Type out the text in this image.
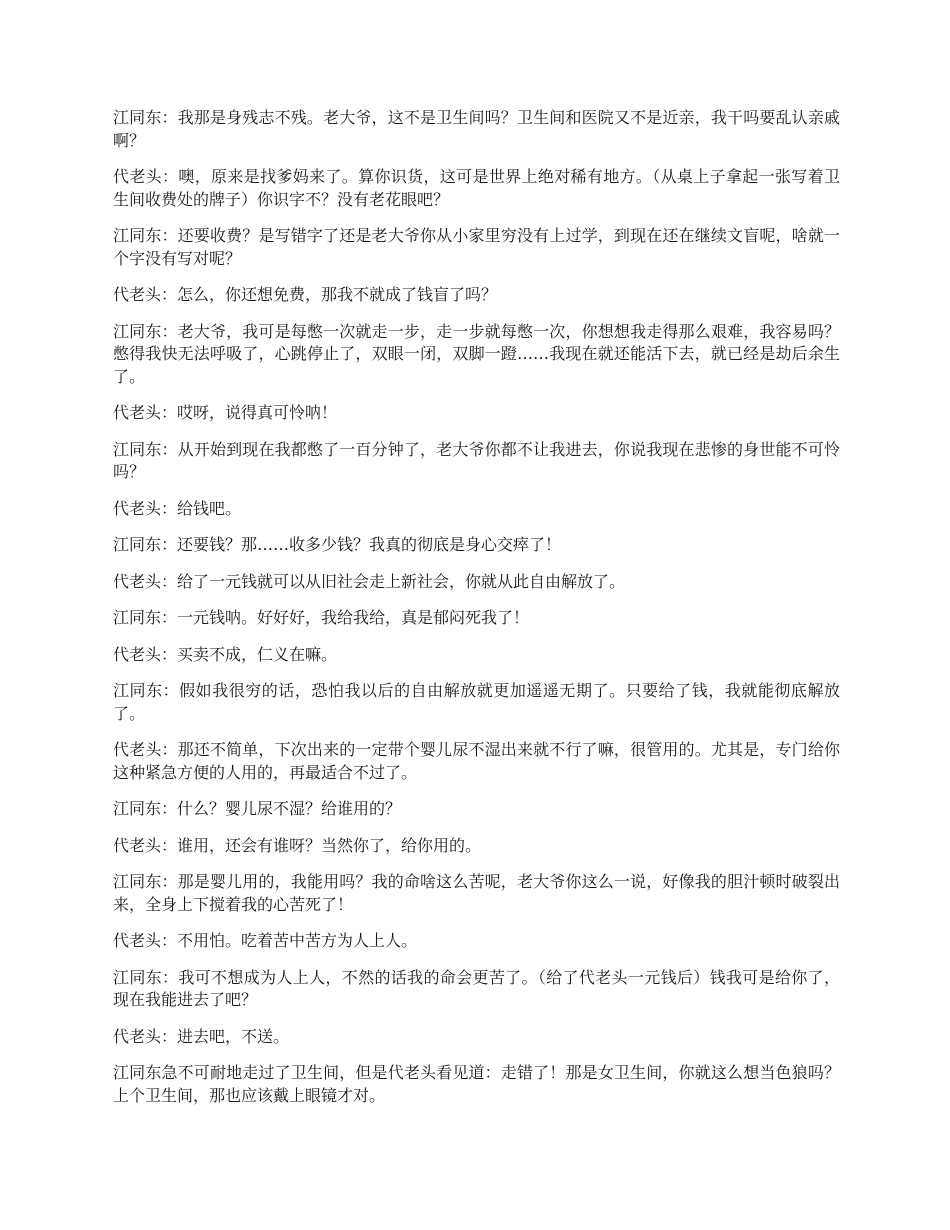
江同东：我那是身残志不残。老大爷，这不是卫生间吗？卫生间和医院又不是近亲，我干吗要乱认亲戚啊？

代老头：噢，原来是找爹妈来了。算你识货，这可是世界上绝对稀有地方。（从桌上子拿起一张写着卫生间收费处的牌子）你识字不？没有老花眼吧？

江同东：还要收费？是写错字了还是老大爷你从小家里穷没有上过学，到现在还在继续文盲呢，啥就一个字没有写对呢？

代老头：怎么，你还想免费，那我不就成了钱盲了吗？

江同东：老大爷，我可是每憋一次就走一步，走一步就每憋一次，你想想我走得那么艰难，我容易吗？憋得我快无法呼吸了，心跳停止了，双眼一闭，双脚一蹬……我现在就还能活下去，就已经是劫后余生了。

代老头：哎呀，说得真可怜呐！

江同东：从开始到现在我都憋了一百分钟了，老大爷你都不让我进去，你说我现在悲惨的身世能不可怜吗？

代老头：给钱吧。

江同东：还要钱？那……收多少钱？我真的彻底是身心交瘁了！

代老头：给了一元钱就可以从旧社会走上新社会，你就从此自由解放了。

江同东：一元钱呐。好好好，我给我给，真是郁闷死我了！

代老头：买卖不成，仁义在嘛。

江同东：假如我很穷的话，恐怕我以后的自由解放就更加遥遥无期了。只要给了钱，我就能彻底解放了。

代老头：那还不简单，下次出来的一定带个婴儿尿不湿出来就不行了嘛，很管用的。尤其是，专门给你这种紧急方便的人用的，再最适合不过了。

江同东：什么？婴儿尿不湿？给谁用的？

代老头：谁用，还会有谁呀？当然你了，给你用的。

江同东：那是婴儿用的，我能用吗？我的命啥这么苦呢，老大爷你这么一说，好像我的胆汁顿时破裂出来，全身上下搅着我的心苦死了！

代老头：不用怕。吃着苦中苦方为人上人。

江同东：我可不想成为人上人，不然的话我的命会更苦了。（给了代老头一元钱后）钱我可是给你了，现在我能进去了吧？

代老头：进去吧，不送。

江同东急不可耐地走过了卫生间，但是代老头看见道：走错了！那是女卫生间，你就这么想当色狼吗？上个卫生间，那也应该戴上眼镜才对。
